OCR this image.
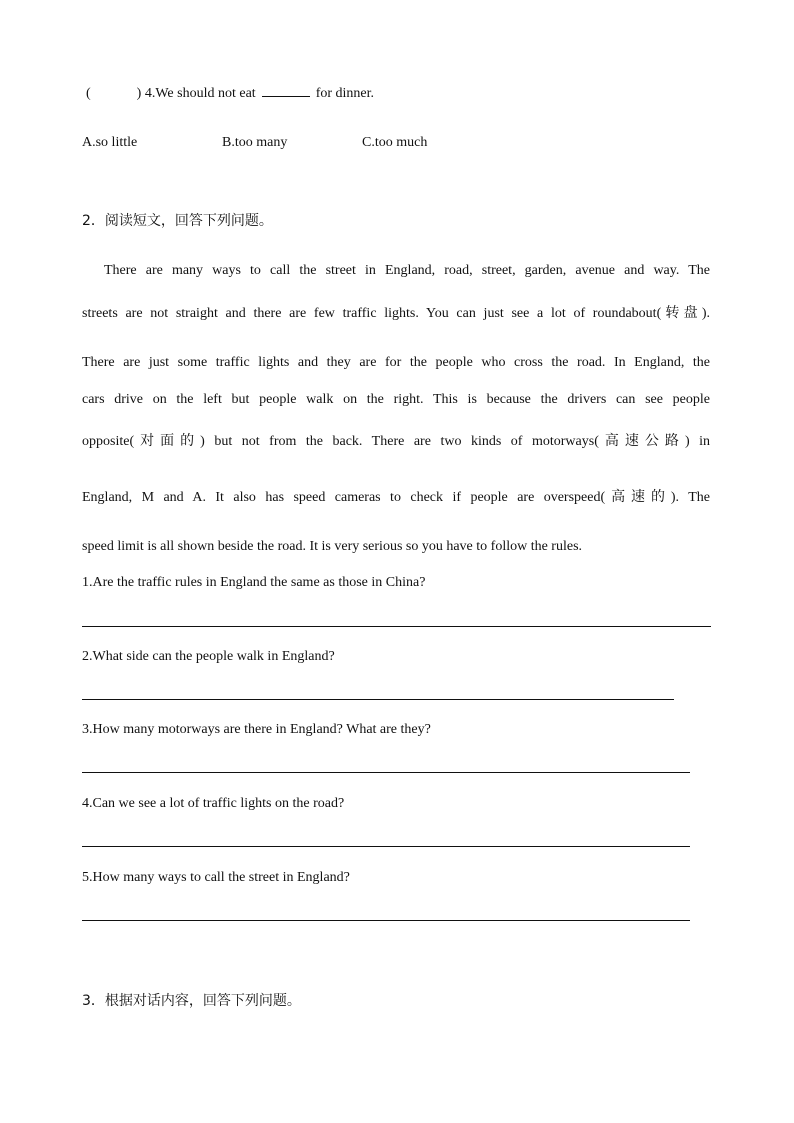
(	) 4.We should not eat	for dinner.
A.so little	B.too many	C.too much
2．阅读短文，回答下列问题。
There are many ways to call the street in England, road, street, garden, avenue and way. The
streets are not straight and there are few traffic lights. You can just see a lot of roundabout(转盘).
There are just some traffic lights and they are for the people who cross the road. In England, the
cars drive on the left but people walk on the right. This is because the drivers can see people
opposite(对面的) but not from the back. There are two kinds of motorways(高速公路) in
England, M and A. It also has speed cameras to check if people are overspeed(高速的). The
speed limit is all shown beside the road. It is very serious so you have to follow the rules.
1.Are the traffic rules in England the same as those in China?
2.What side can the people walk in England?
3.How many motorways are there in England? What are they?
4.Can we see a lot of traffic lights on the road?
5.How many ways to call the street in England?
3．根据对话内容，回答下列问题。
